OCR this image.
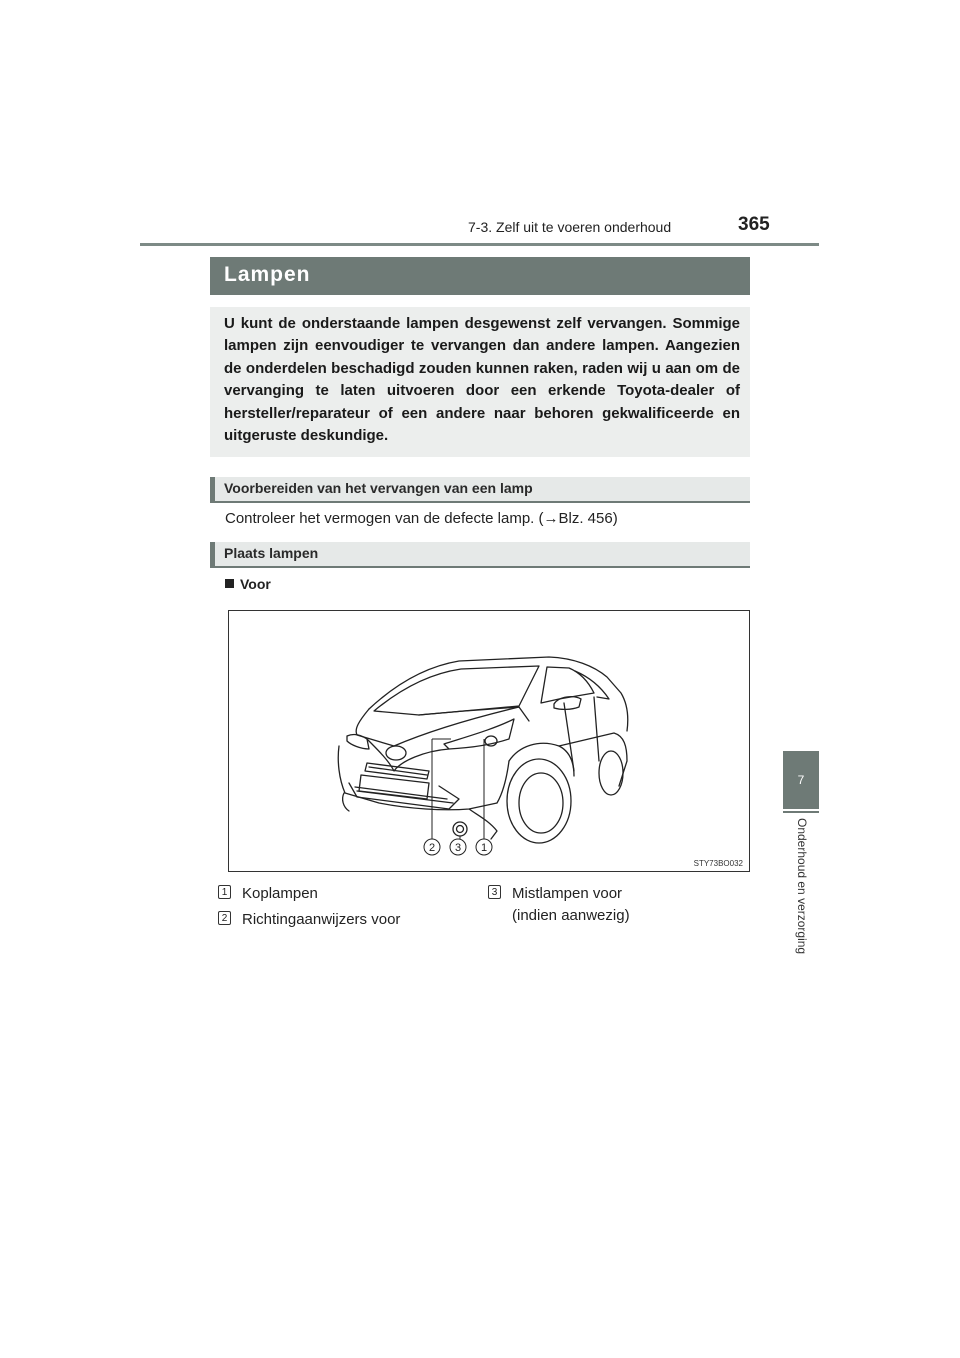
7-3. Zelf uit te voeren onderhoud	365
7
Onderhoud en verzorging
Lampen

U kunt de onderstaande lampen desgewenst zelf vervangen. Sommige lampen zijn eenvoudiger te vervangen dan andere lampen. Aangezien de onderdelen beschadigd zouden kunnen raken, raden wij u aan om de vervanging te laten uitvoeren door een erkende Toyota-dealer of hersteller/reparateur of een andere naar behoren gekwalificeerde en uitgeruste deskundige.

Voorbereiden van het vervangen van een lamp
Controleer het vermogen van de defecte lamp. (→Blz. 456)
Plaats lampen
Voor
2 3 1
STY73BO032
1 Koplampen
2 Richtingaanwijzers voor
3 Mistlampen voor
(indien aanwezig)
